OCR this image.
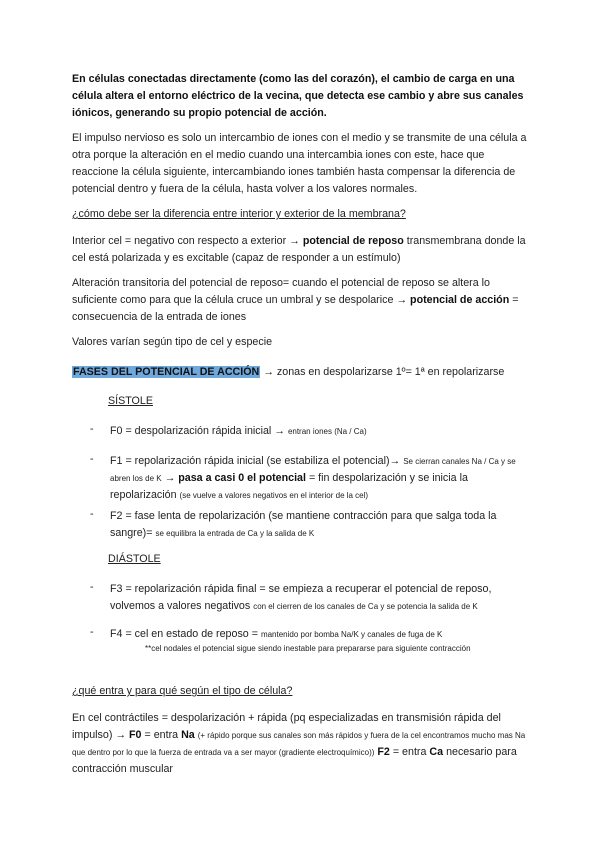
En células conectadas directamente (como las del corazón), el cambio de carga en una célula altera el entorno eléctrico de la vecina, que detecta ese cambio y abre sus canales iónicos, generando su propio potencial de acción.

El impulso nervioso es solo un intercambio de iones con el medio y se transmite de una célula a otra porque la alteración en el medio cuando una intercambia iones con este, hace que reaccione la célula siguiente, intercambiando iones también hasta compensar la diferencia de potencial dentro y fuera de la célula, hasta volver a los valores normales.

¿cómo debe ser la diferencia entre interior y exterior de la membrana?

Interior cel = negativo con respecto a exterior → potencial de reposo transmembrana donde la cel está polarizada y es excitable (capaz de responder a un estímulo)

Alteración transitoria del potencial de reposo= cuando el potencial de reposo se altera lo suficiente como para que la célula cruce un umbral y se despolarice → potencial de acción = consecuencia de la entrada de iones

Valores varían según tipo de cel y especie

FASES DEL POTENCIAL DE ACCIÓN → zonas en despolarizarse 1º= 1ª en repolarizarse

SÍSTOLE

- F0 = despolarización rápida inicial → entran iones (Na / Ca)

- F1 = repolarización rápida inicial (se estabiliza el potencial)→ Se cierran canales Na / Ca y se abren los de K → pasa a casi 0 el potencial = fin despolarización y se inicia la repolarización (se vuelve a valores negativos en el interior de la cel)

- F2 = fase lenta de repolarización (se mantiene contracción para que salga toda la sangre)= se equilibra la entrada de Ca y la salida de K

DIÁSTOLE

- F3 = repolarización rápida final = se empieza a recuperar el potencial de reposo, volvemos a valores negativos con el cierren de los canales de Ca y se potencia la salida de K

- F4 = cel en estado de reposo = mantenido por bomba Na/K y canales de fuga de K

**cel nodales el potencial sigue siendo inestable para prepararse para siguiente contracción

¿qué entra y para qué según el tipo de célula?

En cel contráctiles = despolarización + rápida (pq especializadas en transmisión rápida del impulso) → F0 = entra Na (+ rápido porque sus canales son más rápidos y fuera de la cel encontramos mucho mas Na que dentro por lo que la fuerza de entrada va a ser mayor (gradiente electroquímico)) F2 = entra Ca necesario para contracción muscular
